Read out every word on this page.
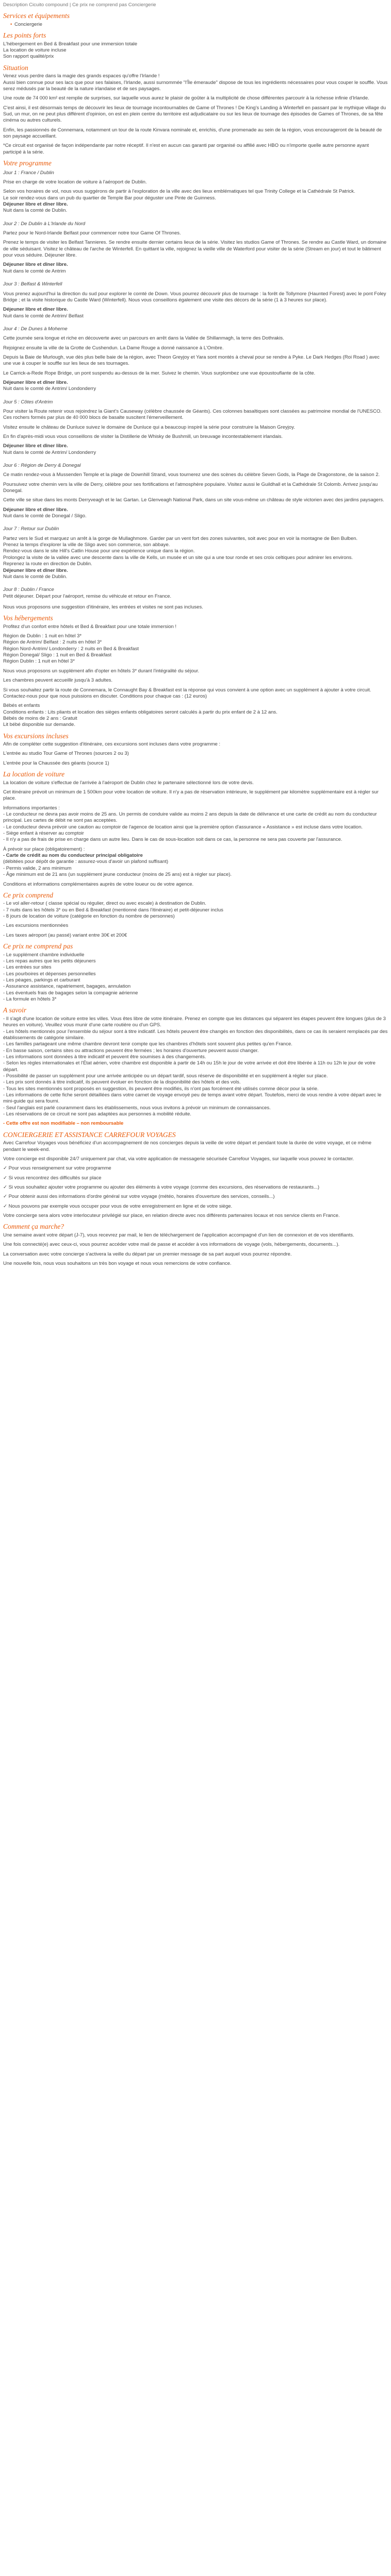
Description Cicuito compound | Ce prix ne comprend pas Conciergerie

Services et équipements
• Conciergerie
Les points forts

L'hébergement en Bed & Breakfast pour une immersion totale

La location de voiture incluse

Son rapport qualité/prix

Situation

Venez vous perdre dans la magie des grands espaces qu'offre l'Irlande !

Aussi bien connue pour ses lacs que pour ses falaises, l'Irlande, aussi surnommée "l'Île émeraude" dispose de tous les ingrédients nécessaires pour vous couper le souffle. Vous serez médusés par la beauté de la nature irlandaise et de ses paysages.

Une route de 74 000 km² est remplie de surprises, sur laquelle vous aurez le plaisir de goûter à la multiplicité de chose différentes parcourir à la richesse infinie d'Irlande.

C'est ainsi, il est désormais temps de découvrir les lieux de tournage incontournables de Game of Thrones ! De King's Landing à Winterfell en passant par le mythique village du Sud, un mur, on ne peut plus différent d'opinion, on est en plein centre du territoire est adjudicataire ou sur les lieux de tournage des épisodes de Games of Thrones, de sa fête cinéma ou autres culturels.

Enfin, les passionnés de Connemara, notamment un tour de la route Kinvara nominale et, enrichis, d'une promenade au sein de la région, vous encourageront de la beauté de son paysage accueillant.

*Ce circuit est organisé de façon indépendante par notre réceptif. Il n'est en aucun cas garanti par organisé ou affilié avec HBO ou n'importe quelle autre personne ayant participé à la série.

Votre programme

Jour 1 : France / Dublin

Prise en charge de votre location de voiture à l'aéroport de Dublin.

Selon vos horaires de vol, nous vous suggérons de partir à l'exploration de la ville avec des lieux emblématiques tel que Trinity College et la Cathédrale St Patrick.

Le soir rendez-vous dans un pub du quartier de Temple Bar pour déguster une Pinte de Guinness.

Déjeuner libre et dîner libre.

Nuit dans la comté de Dublin.

Jour 2 : De Dublin à L'Irlande du Nord

Partez pour le Nord-Irlande Belfast pour commencer notre tour Game Of Thrones.

Prenez le temps de visiter les Belfast Tannieres. Se rendre ensuite dernier certains lieux de la série. Visitez les studios Game of Thrones. Se rendre au Castle Ward, un domaine de ville séduisant. Visitez le château de l'arche de Winterfell. En quittant la ville, rejoignez la vieille ville de Waterford pour visiter de la série (Stream en jour) et tout le bâtiment pour vous séduire. Déjeuner libre.

Déjeuner libre et dîner libre.

Nuit dans le comté de Antrim

Jour 3 : Belfast & Winterfell

Vous prenez aujourd'hui la direction du sud pour explorer le comté de Down. Vous pourrez découvrir plus de tournage : la forêt de Tollymore (Haunted Forest) avec le pont Foley Bridge ; et la visite historique du Castle Ward (Winterfell). Nous vous conseillons également une visite des décors de la série (1 à 3 heures sur place).

Déjeuner libre et dîner libre.

Nuit dans le comté de Antrim/ Belfast

Jour 4 : De Dunes à Moherne

Cette journée sera longue et riche en découverte avec un parcours en arrêt dans la Vallée de Shillanmagh, la terre des Dothrakis.

Rejoignez ensuite la ville de la Grotte de Cushendun. La Dame Rouge a donné naissance à L'Ombre.

Depuis la Baie de Murlough, vue dès plus belle baie de la région, avec Theon Greyjoy et Yara sont montés à cheval pour se rendre à Pyke. Le Dark Hedges (Roi Road ) avec une vue à couper le souffle sur les lieux de ses tournages.

Le Carrick-a-Rede Rope Bridge, un pont suspendu au-dessus de la mer. Suivez le chemin. Vous surplombez une vue époustouflante de la côte.

Déjeuner libre et dîner libre.

Nuit dans le comté de Antrim/ Londonderry

Jour 5 : Côtes d'Antrim

Pour visiter la Route retenir vous rejoindrez la Giant's Causeway (célèbre chaussée de Géants). Ces colonnes basaltiques sont classées au patrimoine mondial de l'UNESCO. Ces rochers formés par plus de 40 000 blocs de basalte suscitent l'émerveillement.

Visitez ensuite le château de Dunluce suivez le domaine de Dunluce qui a beaucoup inspiré la série pour construire la Maison Greyjoy.

En fin d'après-midi vous vous conseillons de visiter la Distillerie de Whisky de Bushmill, un breuvage incontestablement irlandais.

Déjeuner libre et dîner libre.

Nuit dans le comté de Antrim/ Londonderry

Jour 6 : Région de Derry & Donegal

Ce matin rendez-vous à Mussenden Temple et la plage de Downhill Strand, vous tournerez une des scènes du célèbre Seven Gods, la Plage de Dragonstone, de la saison 2.

Poursuivez votre chemin vers la ville de Derry, célèbre pour ses fortifications et l'atmosphère populaire. Visitez aussi le Guildhall et la Cathédrale St Colomb. Arrivez jusqu'au Donegal.

Cette ville se situe dans les monts Derryveagh et le lac Gartan. Le Glenveagh National Park, dans un site vous-même un château de style victorien avec des jardins paysagers.

Déjeuner libre et dîner libre.

Nuit dans le comté de Donegal / Sligo.

Jour 7 : Retour sur Dublin

Partez vers le Sud et marquez un arrêt à la gorge de Mullaghmore. Garder par un vent fort des zones suivantes, soit avec pour en voir la montagne de Ben Bulben.

Prenez la temps d'explorer la ville de Sligo avec son commerce, son abbaye.

Rendez-vous dans le site Hill's Catlin House pour une expérience unique dans la région.

Prolongez la visite de la vallée avec une descente dans la ville de Kells, un musée et un site qui a une tour ronde et ses croix celtiques pour admirer les environs.

Reprenez la route en direction de Dublin.

Déjeuner libre et dîner libre.

Nuit dans le comté de Dublin.

Jour 8 : Dublin / France

Petit déjeuner. Départ pour l'aéroport, remise du véhicule et retour en France.

Nous vous proposons une suggestion d'itinéraire, les entrées et visites ne sont pas incluses.

Vos hébergements

Profitez d'un confort entre hôtels et Bed & Breakfast pour une totale immersion !

Région de Dublin : 1 nuit en hôtel 3*

Région de Antrim/ Belfast : 2 nuits en hôtel 3*

Région Nord-Antrim/ Londonderry : 2 nuits en Bed & Breakfast

Région Donegal/ Sligo : 1 nuit en Bed & Breakfast

Région Dublin : 1 nuit en hôtel 3*

Nous vous proposons un supplément afin d'opter en hôtels 3* durant l'intégralité du séjour.

Les chambres peuvent accueillir jusqu'à 3 adultes.

Si vous souhaitez partir la route de Connemara, le Connaught Bay & Breakfast est la réponse qui vous convient à une option avec un supplément à ajouter à votre circuit. Contactez-nous pour que nous puissions en discuter. Conditions pour chaque cas : (12 euros)

Bébés et enfants

Conditions enfants : Lits pliants et location des sièges enfants obligatoires seront calculés à partir du prix enfant de 2 à 12 ans.

Bébés de moins de 2 ans : Gratuit

Lit bébé disponible sur demande.

Vos excursions incluses

Afin de compléter cette suggestion d'itinéraire, ces excursions sont incluses dans votre programme :

L'entrée au studio Tour Game of Thrones (sources 2 ou 3)

L'entrée pour la Chaussée des géants (source 1)

La location de voiture

La location de voiture s'effectue de l'arrivée à l'aéroport de Dublin chez le partenaire sélectionné lors de votre devis.

Cet itinéraire prévoit un minimum de 1 500km pour votre location de voiture. Il n'y a pas de réservation intérieure, le supplément par kilomètre supplémentaire est à régler sur place.

Informations importantes :

- Le conducteur ne devra pas avoir moins de 25 ans. Un permis de conduire valide au moins 2 ans depuis la date de délivrance et une carte de crédit au nom du conducteur principal. Les cartes de débit ne sont pas acceptées.

- Le conducteur devra prévoir une caution au comptoir de l'agence de location ainsi que la première option d'assurance « Assistance » est incluse dans votre location.

- Siège enfant à réserver au comptoir

- Il n'y a pas de frais de prise en charge dans un autre lieu. Dans le cas de sous-location soit dans ce cas, la personne ne sera pas couverte par l'assurance.

À prévoir sur place (obligatoirement) :

- Carte de crédit au nom du conducteur principal obligatoire

(débitées pour dépôt de garantie : assurez-vous d'avoir un plafond suffisant)

- Permis valide, 2 ans minimum

- Âge minimum est de 21 ans (un supplément jeune conducteur (moins de 25 ans) est à régler sur place).

Conditions et informations complémentaires auprès de votre loueur ou de votre agence.

Ce prix comprend

- Le vol aller-retour ( classe spécial ou régulier, direct ou avec escale) à destination de Dublin.

- 7 nuits dans les hôtels 3* ou en Bed & Breakfast (mentionné dans l'itinéraire) et petit-déjeuner inclus

- 8 jours de location de voiture (catégorie en fonction du nombre de personnes)

- Les excursions mentionnées

- Les taxes aéroport (au passé) variant entre 30€ et 200€

Ce prix ne comprend pas

- Le supplément chambre individuelle

- Les repas autres que les petits déjeuners

- Les entrées sur sites

- Les pourboires et dépenses personnelles

- Les péages, parkings et carburant

- Assurance assistance, rapatriement, bagages, annulation

- Les éventuels frais de bagages selon la compagnie aérienne

- La formule en hôtels 3*

A savoir

- Il s'agit d'une location de voiture entre les villes. Vous êtes libre de votre itinéraire. Prenez en compte que les distances qui séparent les étapes peuvent être longues (plus de 3 heures en voiture). Veuillez vous munir d'une carte routière ou d'un GPS.

- Les hôtels mentionnés pour l'ensemble du séjour sont à titre indicatif. Les hôtels peuvent être changés en fonction des disponibilités, dans ce cas ils seraient remplacés par des établissements de catégorie similaire.

- Les familles partageant une même chambre devront tenir compte que les chambres d'hôtels sont souvent plus petites qu'en France.

- En basse saison, certains sites ou attractions peuvent être fermées ; les horaires d'ouverture peuvent aussi changer.

- Les informations sont données à titre indicatif et peuvent être soumises à des changements.

- Selon les règles internationales et l'État aérien, votre chambre est disponible à partir de 14h ou 15h le jour de votre arrivée et doit être libérée à 11h ou 12h le jour de votre départ.

- Possibilité de passer un supplément pour une arrivée anticipée ou un départ tardif, sous réserve de disponibilité et en supplément à régler sur place.

- Les prix sont donnés à titre indicatif, ils peuvent évoluer en fonction de la disponibilité des hôtels et des vols.

- Tous les sites mentionnés sont proposés en suggestion, ils peuvent être modifiés, ils n'ont pas forcément été utilisés comme décor pour la série.

- Les informations de cette fiche seront détaillées dans votre carnet de voyage envoyé peu de temps avant votre départ. Toutefois, merci de vous rendre à votre départ avec le mini-guide qui sera fourni.

- Seul l'anglais est parlé couramment dans les établissements, nous vous invitons à prévoir un minimum de connaissances.

- Les réservations de ce circuit ne sont pas adaptées aux personnes à mobilité réduite.

- Cette offre est non modifiable – non remboursable

CONCIERGERIE ET ASSISTANCE CARREFOUR VOYAGES

Avec Carrefour Voyages vous bénéficiez d'un accompagnement de nos concierges depuis la veille de votre départ et pendant toute la durée de votre voyage, et ce même pendant le week-end.

Votre concierge est disponible 24/7 uniquement par chat, via votre application de messagerie sécurisée Carrefour Voyages, sur laquelle vous pouvez le contacter.

✓ Pour vous renseignement sur votre programme

✓ Si vous rencontrez des difficultés sur place

✓ Si vous souhaitez ajouter votre programme ou ajouter des éléments à votre voyage (comme des excursions, des réservations de restaurants...)

✓ Pour obtenir aussi des informations d'ordre général sur votre voyage (météo, horaires d'ouverture des services, conseils...)

✓ Nous pouvons par exemple vous occuper pour vous de votre enregistrement en ligne et de votre siège.

Votre concierge sera alors votre interlocuteur privilégié sur place, en relation directe avec nos différents partenaires locaux et nos service clients en France.

Comment ça marche?

Une semaine avant votre départ (J-7), vous recevrez par mail, le lien de téléchargement de l'application accompagné d'un lien de connexion et de vos identifiants.

Une fois connecté(e) avec ceux-ci, vous pourrez accéder votre mail de passe et accéder à vos informations de voyage (vols, hébergements, documents...).

La conversation avec votre concierge s'activera la veille du départ par un premier message de sa part auquel vous pourrez répondre.

Une nouvelle fois, nous vous souhaitons un très bon voyage et nous vous remercions de votre confiance.
